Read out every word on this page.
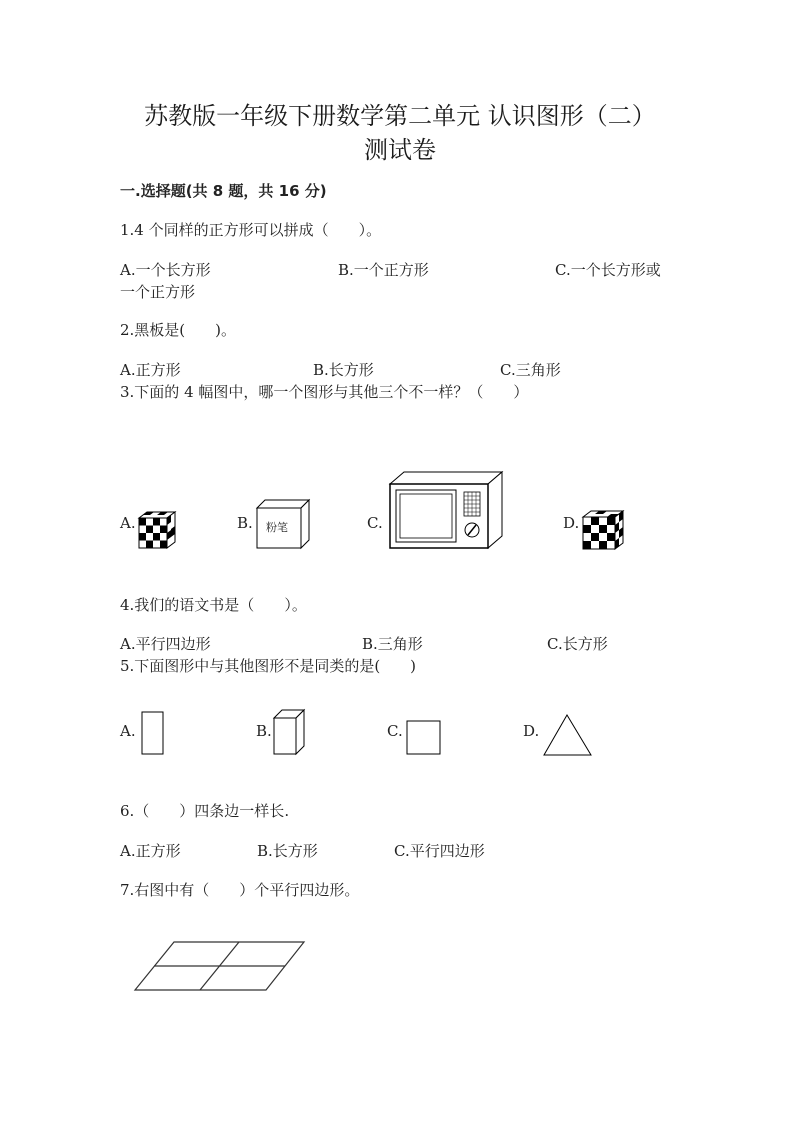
苏教版一年级下册数学第二单元 认识图形（二）
测试卷
一.选择题(共 8 题，共 16 分)
1.4 个同样的正方形可以拼成（　　）。
A.一个长方形	B.一个正方形	C.一个长方形或
一个正方形
2.黑板是(　　)。
A.正方形	B.长方形	C.三角形
3.下面的 4 幅图中，哪一个图形与其他三个不一样？（　　）
A.	B. 粉笔	C.	D.
4.我们的语文书是（　　）。
A.平行四边形	B.三角形	C.长方形
5.下面图形中与其他图形不是同类的是(　　)
A.	B.	C.	D.
6.（　　）四条边一样长.
A.正方形	B.长方形	C.平行四边形
7.右图中有（　　）个平行四边形。
